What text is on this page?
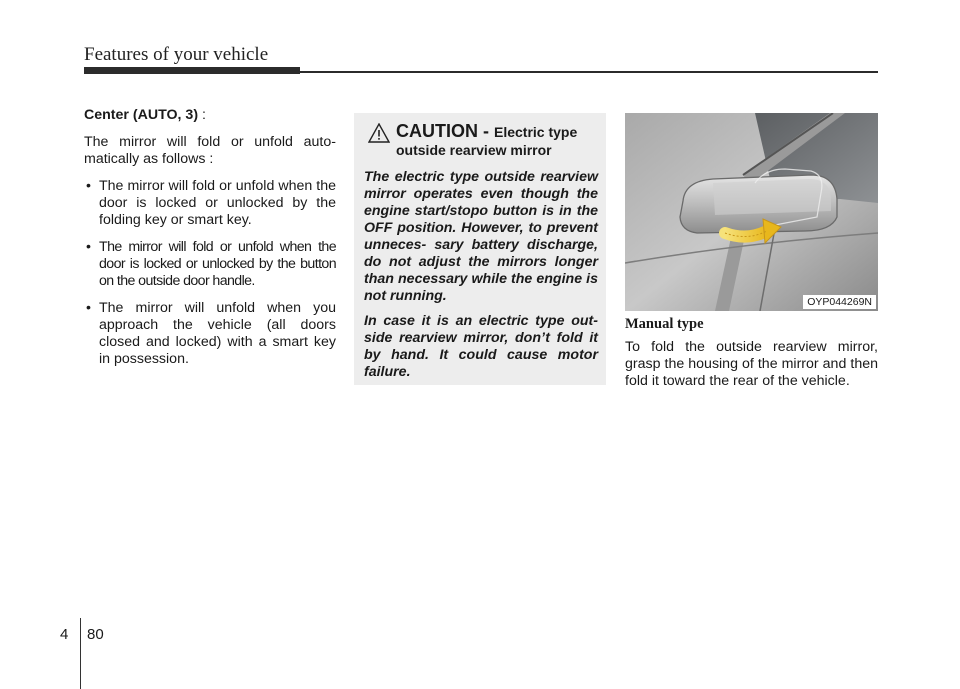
Features of your vehicle

Center (AUTO, 3) :

The mirror will fold or unfold auto- matically as follows :

• The mirror will fold or unfold when the door is locked or unlocked by the folding key or smart key.
• The mirror will fold or unfold when the door is locked or unlocked by the button on the outside door handle.
• The mirror will unfold when you approach the vehicle (all doors closed and locked) with a smart key in possession.
CAUTION - Electric type
outside rearview mirror

The electric type outside rearview mirror operates even though the engine start/stopo button is in the OFF position. However, to prevent unneces- sary battery discharge, do not adjust the mirrors longer than necessary while the engine is not running.

In case it is an electric type out- side rearview mirror, don’t fold it by hand. It could cause motor failure.

OYP044269N
Manual type

To fold the outside rearview mirror, grasp the housing of the mirror and then fold it toward the rear of the vehicle.

4 80
